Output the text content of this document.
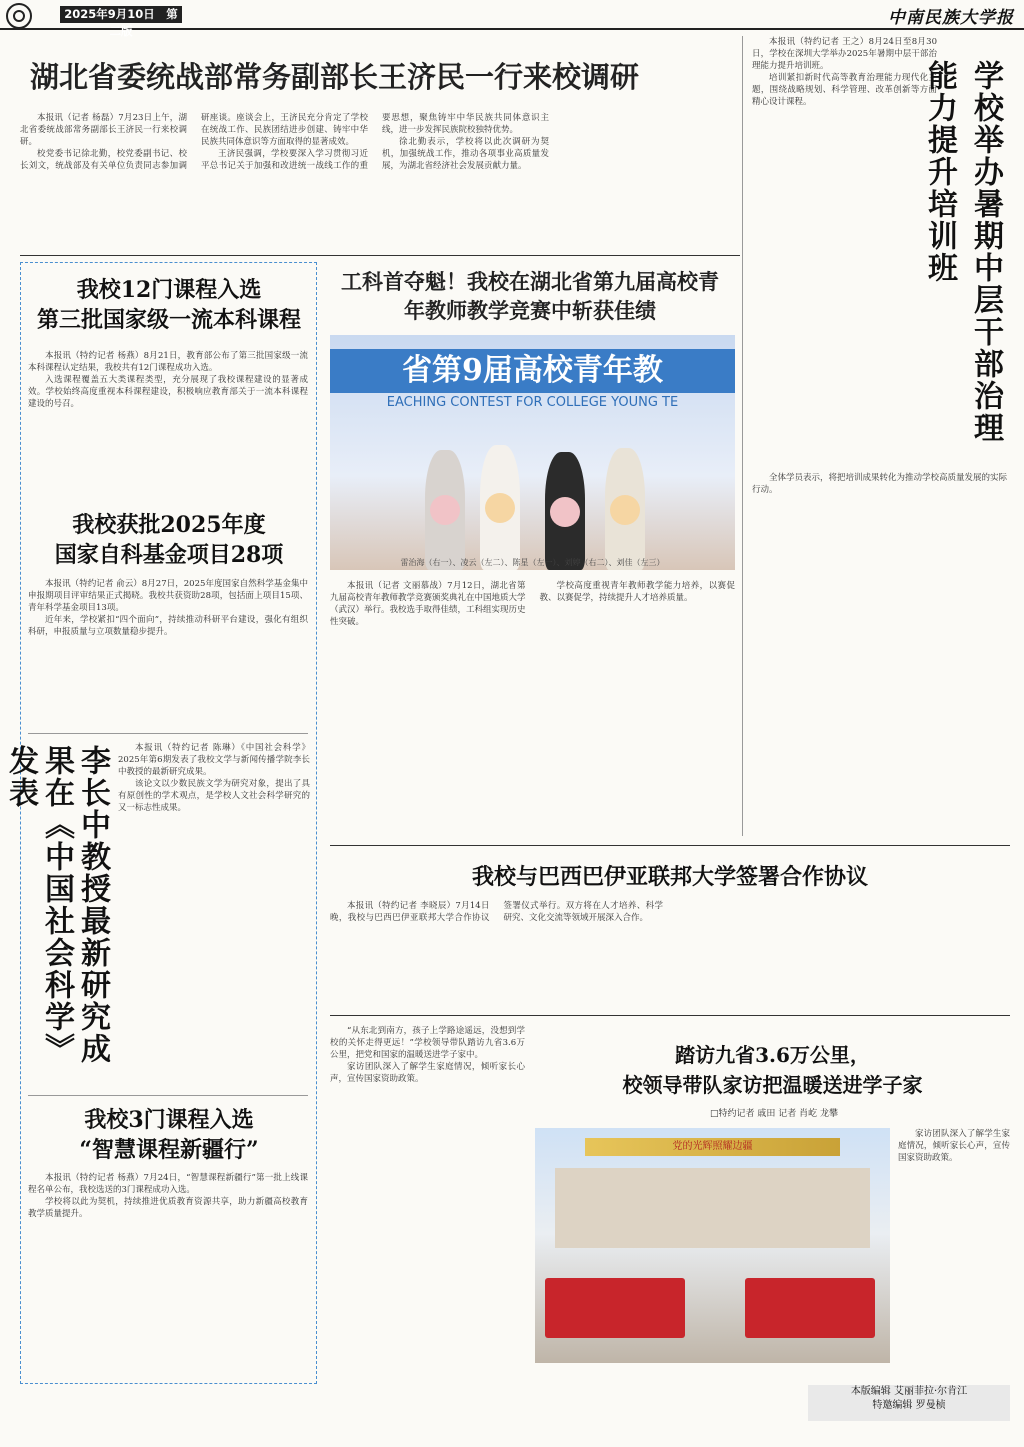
2025年9月10日　第二版
中南民族大学报
湖北省委统战部常务副部长王济民一行来校调研

本报讯（记者 杨磊）7月23日上午，湖北省委统战部常务副部长王济民一行来校调研。

校党委书记徐北勤，校党委副书记、校长刘文，统战部及有关单位负责同志参加调研座谈。座谈会上，王济民充分肯定了学校在统战工作、民族团结进步创建、铸牢中华民族共同体意识等方面取得的显著成效。

王济民强调，学校要深入学习贯彻习近平总书记关于加强和改进统一战线工作的重要思想，聚焦铸牢中华民族共同体意识主线，进一步发挥民族院校独特优势。

徐北勤表示，学校将以此次调研为契机，加强统战工作，推动各项事业高质量发展，为湖北省经济社会发展贡献力量。

我校12门课程入选
第三批国家级一流本科课程

本报讯（特约记者 杨燕）8月21日，教育部公布了第三批国家级一流本科课程认定结果，我校共有12门课程成功入选。

入选课程覆盖五大类课程类型，充分展现了我校课程建设的显著成效。学校始终高度重视本科课程建设，积极响应教育部关于一流本科课程建设的号召。

我校获批2025年度
国家自科基金项目28项

本报讯（特约记者 俞云）8月27日，2025年度国家自然科学基金集中申报期项目评审结果正式揭晓。我校共获资助28项，包括面上项目15项、青年科学基金项目13项。

近年来，学校紧扣“四个面向”，持续推动科研平台建设，强化有组织科研，申报质量与立项数量稳步提升。

李长中教授最新研究成果在《中国社会科学》发表	本报讯（特约记者 陈琳）《中国社会科学》2025年第6期发表了我校文学与新闻传播学院李长中教授的最新研究成果。

该论文以少数民族文学为研究对象，提出了具有原创性的学术观点，是学校人文社会科学研究的又一标志性成果。

我校3门课程入选
“智慧课程新疆行”

本报讯（特约记者 杨燕）7月24日，“智慧课程新疆行”第一批上线课程名单公布，我校选送的3门课程成功入选。

学校将以此为契机，持续推进优质教育资源共享，助力新疆高校教育教学质量提升。

工科首夺魁！我校在湖北省第九届高校青年教师教学竞赛中斩获佳绩
省第9届高校青年教
EACHING CONTEST FOR COLLEGE YOUNG TE
雷治海（右一）、凌云（左二）、陈星（左一）、刘婷（右二）、刘佳（左三）

本报讯（记者 文丽慕战）7月12日，湖北省第九届高校青年教师教学竞赛颁奖典礼在中国地质大学（武汉）举行。我校选手取得佳绩，工科组实现历史性突破。

学校高度重视青年教师教学能力培养，以赛促教、以赛促学，持续提升人才培养质量。

本报讯（特约记者 王之）8月24日至8月30日，学校在深圳大学举办2025年暑期中层干部治理能力提升培训班。

培训紧扣新时代高等教育治理能力现代化主题，围绕战略规划、科学管理、改革创新等方面精心设计课程。	学校举办暑期中层干部治理能力提升培训班

全体学员表示，将把培训成果转化为推动学校高质量发展的实际行动。

我校与巴西巴伊亚联邦大学签署合作协议

本报讯（特约记者 李晓辰）7月14日晚，我校与巴西巴伊亚联邦大学合作协议签署仪式举行。双方将在人才培养、科学研究、文化交流等领域开展深入合作。

“从东北到南方，孩子上学路途遥远，没想到学校的关怀走得更远！”学校领导带队踏访九省3.6万公里，把党和国家的温暖送进学子家中。

家访团队深入了解学生家庭情况，倾听家长心声，宣传国家资助政策。

踏访九省3.6万公里，
校领导带队家访把温暖送进学子家
□特约记者 戚田 记者 肖屹 龙攀
党的光辉照耀边疆

家访团队深入了解学生家庭情况，倾听家长心声，宣传国家资助政策。

本版编辑 艾丽菲拉·尔肯江
特邀编辑 罗曼桢
